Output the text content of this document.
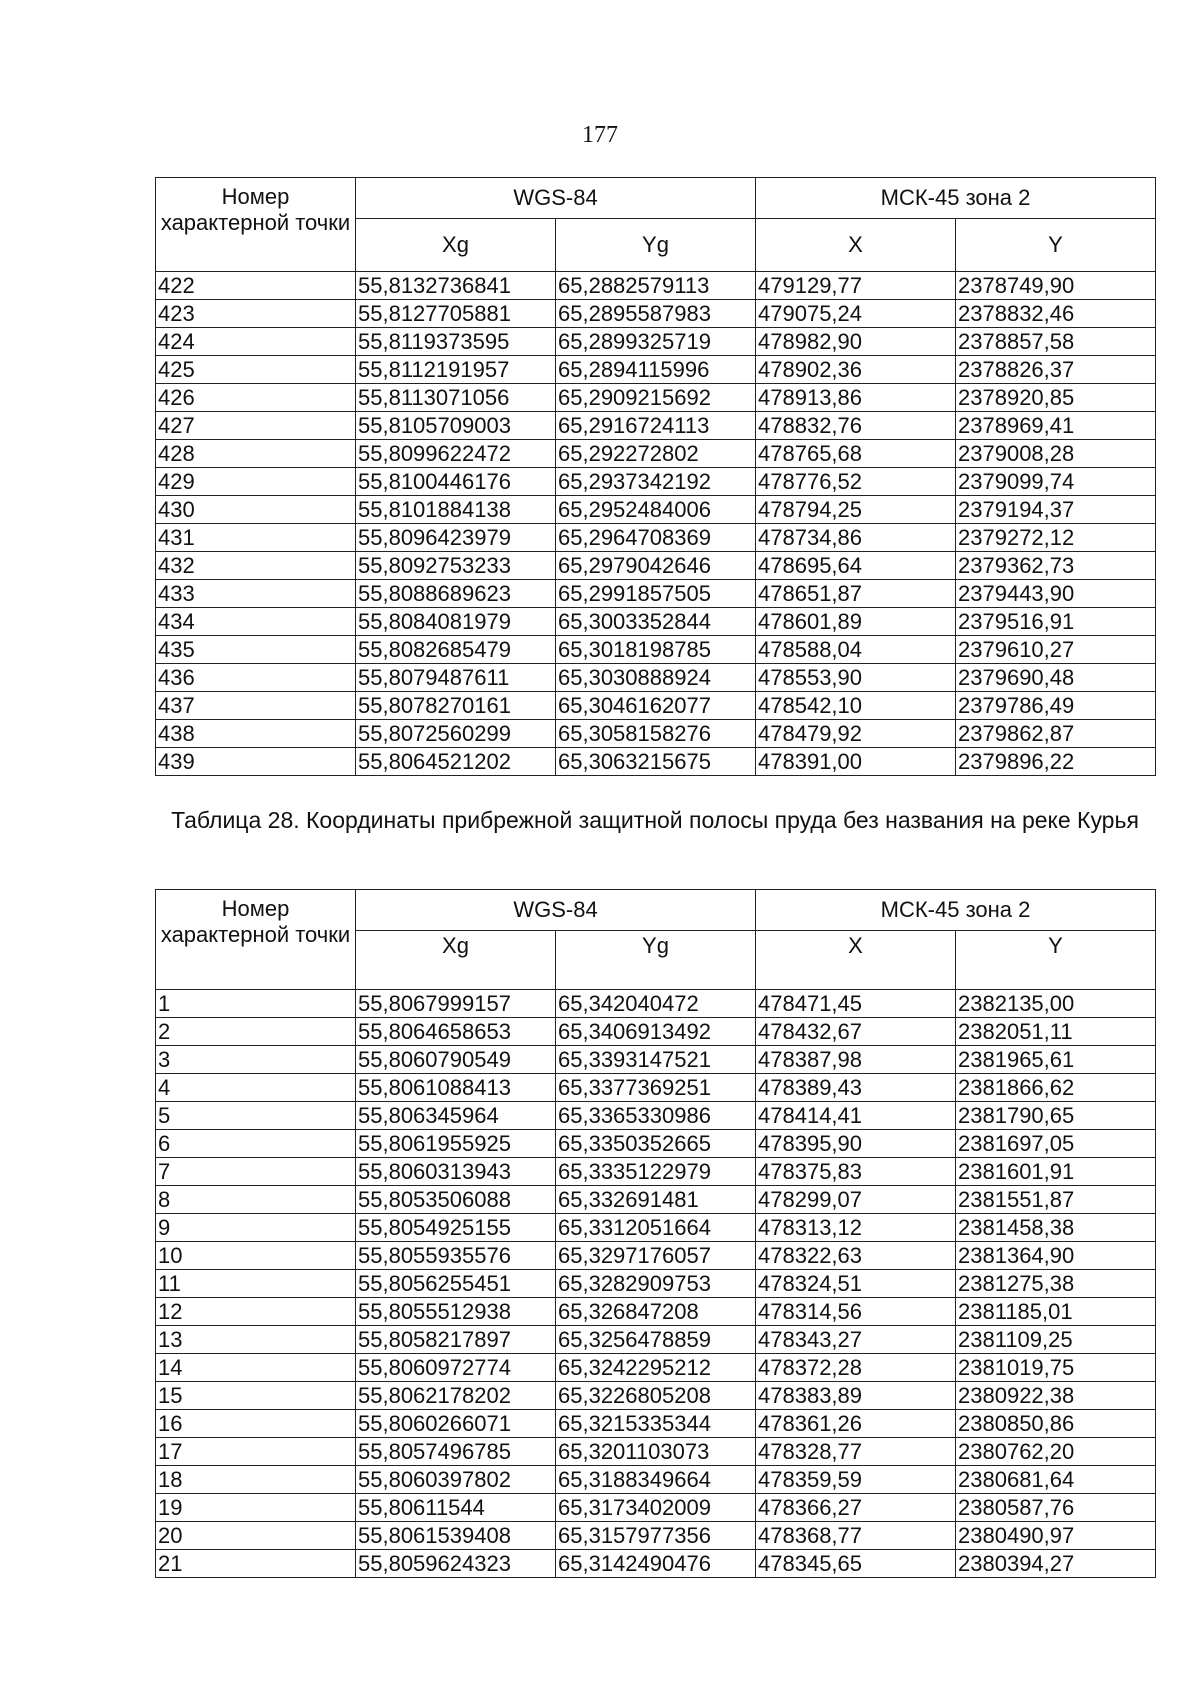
177
Номер характерной точки	WGS-84		МСК-45 зона 2	
	Xg	Yg	X	Y
422	55,8132736841	65,2882579113	479129,77	2378749,90
423	55,8127705881	65,2895587983	479075,24	2378832,46
424	55,8119373595	65,2899325719	478982,90	2378857,58
425	55,8112191957	65,2894115996	478902,36	2378826,37
426	55,8113071056	65,2909215692	478913,86	2378920,85
427	55,8105709003	65,2916724113	478832,76	2378969,41
428	55,8099622472	65,292272802	478765,68	2379008,28
429	55,8100446176	65,2937342192	478776,52	2379099,74
430	55,8101884138	65,2952484006	478794,25	2379194,37
431	55,8096423979	65,2964708369	478734,86	2379272,12
432	55,8092753233	65,2979042646	478695,64	2379362,73
433	55,8088689623	65,2991857505	478651,87	2379443,90
434	55,8084081979	65,3003352844	478601,89	2379516,91
435	55,8082685479	65,3018198785	478588,04	2379610,27
436	55,8079487611	65,3030888924	478553,90	2379690,48
437	55,8078270161	65,3046162077	478542,10	2379786,49
438	55,8072560299	65,3058158276	478479,92	2379862,87
439	55,8064521202	65,3063215675	478391,00	2379896,22
Таблица 28. Координаты прибрежной защитной полосы пруда без названия на реке Курья
Номер характерной точки	WGS-84		МСК-45 зона 2	
	Xg	Yg	X	Y
1	55,8067999157	65,342040472	478471,45	2382135,00
2	55,8064658653	65,3406913492	478432,67	2382051,11
3	55,8060790549	65,3393147521	478387,98	2381965,61
4	55,8061088413	65,3377369251	478389,43	2381866,62
5	55,806345964	65,3365330986	478414,41	2381790,65
6	55,8061955925	65,3350352665	478395,90	2381697,05
7	55,8060313943	65,3335122979	478375,83	2381601,91
8	55,8053506088	65,332691481	478299,07	2381551,87
9	55,8054925155	65,3312051664	478313,12	2381458,38
10	55,8055935576	65,3297176057	478322,63	2381364,90
11	55,8056255451	65,3282909753	478324,51	2381275,38
12	55,8055512938	65,326847208	478314,56	2381185,01
13	55,8058217897	65,3256478859	478343,27	2381109,25
14	55,8060972774	65,3242295212	478372,28	2381019,75
15	55,8062178202	65,3226805208	478383,89	2380922,38
16	55,8060266071	65,3215335344	478361,26	2380850,86
17	55,8057496785	65,3201103073	478328,77	2380762,20
18	55,8060397802	65,3188349664	478359,59	2380681,64
19	55,80611544	65,3173402009	478366,27	2380587,76
20	55,8061539408	65,3157977356	478368,77	2380490,97
21	55,8059624323	65,3142490476	478345,65	2380394,27
